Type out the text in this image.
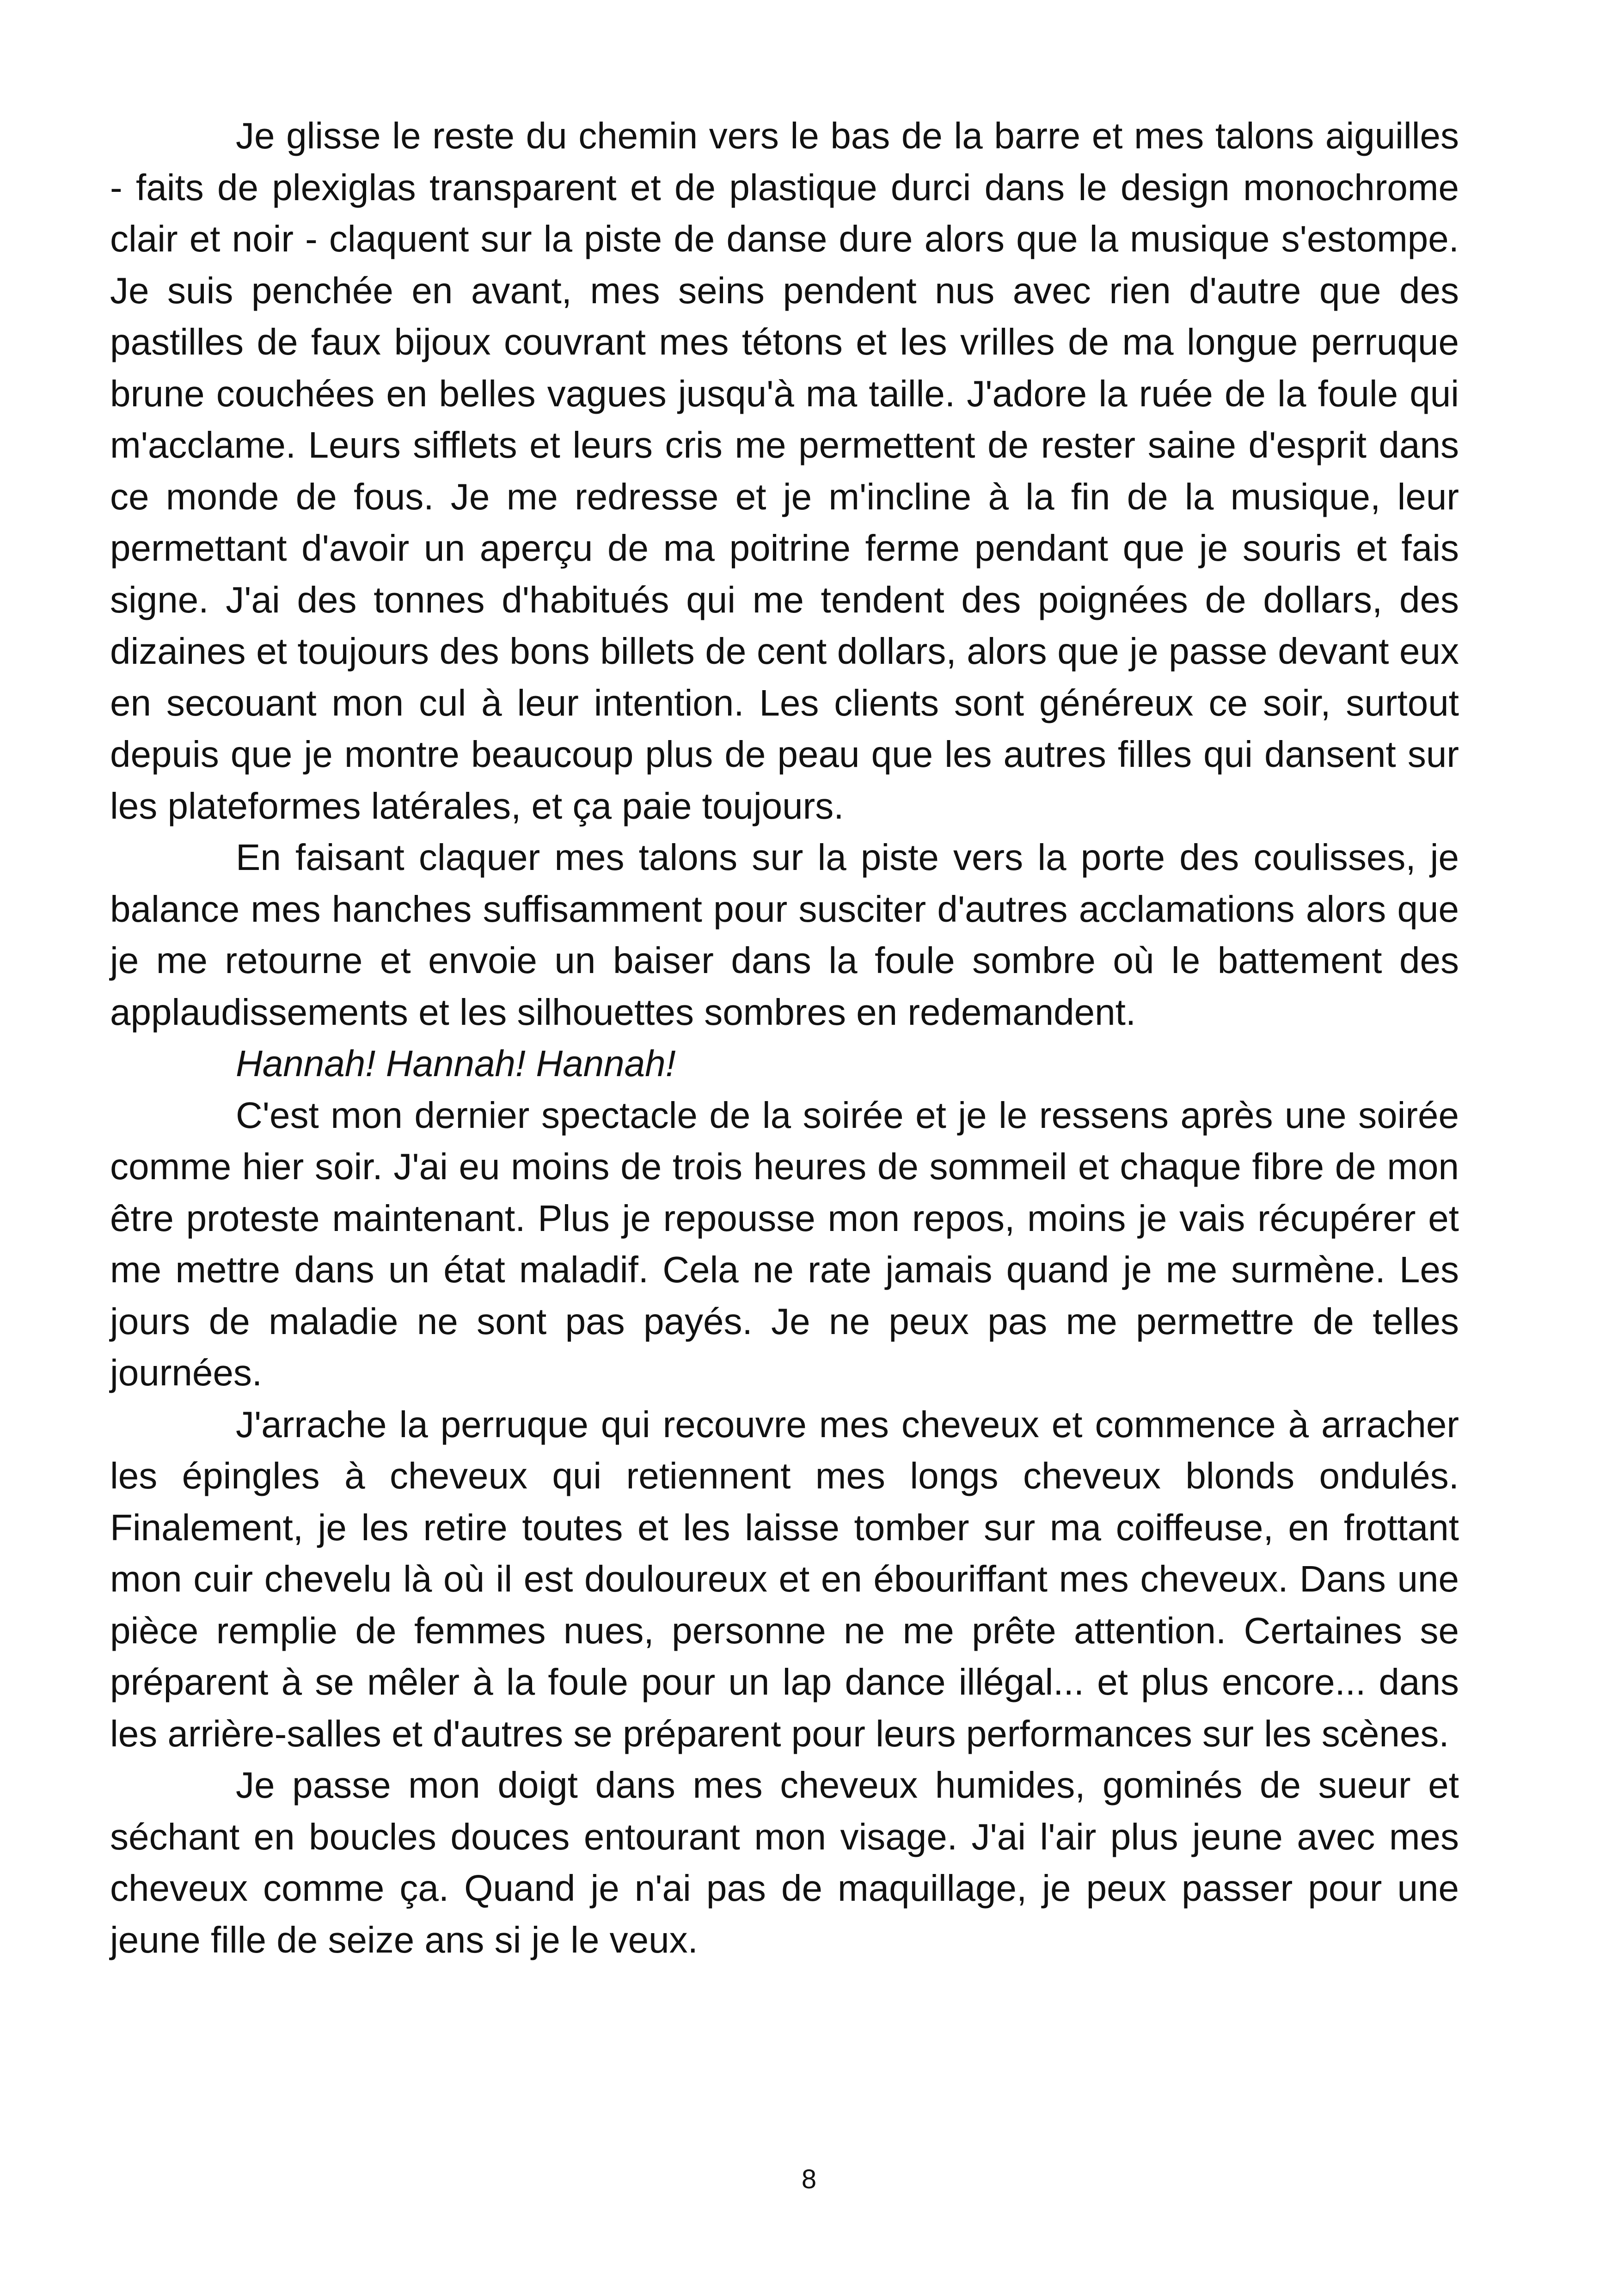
Je glisse le reste du chemin vers le bas de la barre et mes talons aiguilles - faits de plexiglas transparent et de plastique durci dans le design monochrome clair et noir - claquent sur la piste de danse dure alors que la musique s'estompe. Je suis penchée en avant, mes seins pendent nus avec rien d'autre que des pastilles de faux bijoux couvrant mes tétons et les vrilles de ma longue perruque brune couchées en belles vagues jusqu'à ma taille. J'adore la ruée de la foule qui m'acclame. Leurs sifflets et leurs cris me permettent de rester saine d'esprit dans ce monde de fous. Je me redresse et je m'incline à la fin de la musique, leur permettant d'avoir un aperçu de ma poitrine ferme pendant que je souris et fais signe. J'ai des tonnes d'habitués qui me tendent des poignées de dollars, des dizaines et toujours des bons billets de cent dollars, alors que je passe devant eux en secouant mon cul à leur intention. Les clients sont généreux ce soir, surtout depuis que je montre beaucoup plus de peau que les autres filles qui dansent sur les plateformes latérales, et ça paie toujours.

En faisant claquer mes talons sur la piste vers la porte des coulisses, je balance mes hanches suffisamment pour susciter d'autres acclamations alors que je me retourne et envoie un baiser dans la foule sombre où le battement des applaudissements et les silhouettes sombres en redemandent.

Hannah! Hannah! Hannah!

C'est mon dernier spectacle de la soirée et je le ressens après une soirée comme hier soir. J'ai eu moins de trois heures de sommeil et chaque fibre de mon être proteste maintenant. Plus je repousse mon repos, moins je vais récupérer et me mettre dans un état maladif. Cela ne rate jamais quand je me surmène. Les jours de maladie ne sont pas payés. Je ne peux pas me permettre de telles journées.

J'arrache la perruque qui recouvre mes cheveux et commence à arracher les épingles à cheveux qui retiennent mes longs cheveux blonds ondulés. Finalement, je les retire toutes et les laisse tomber sur ma coiffeuse, en frottant mon cuir chevelu là où il est douloureux et en ébouriffant mes cheveux. Dans une pièce remplie de femmes nues, personne ne me prête attention. Certaines se préparent à se mêler à la foule pour un lap dance illégal... et plus encore... dans les arrière-salles et d'autres se préparent pour leurs performances sur les scènes.

Je passe mon doigt dans mes cheveux humides, gominés de sueur et séchant en boucles douces entourant mon visage. J'ai l'air plus jeune avec mes cheveux comme ça. Quand je n'ai pas de maquillage, je peux passer pour une jeune fille de seize ans si je le veux.

8
